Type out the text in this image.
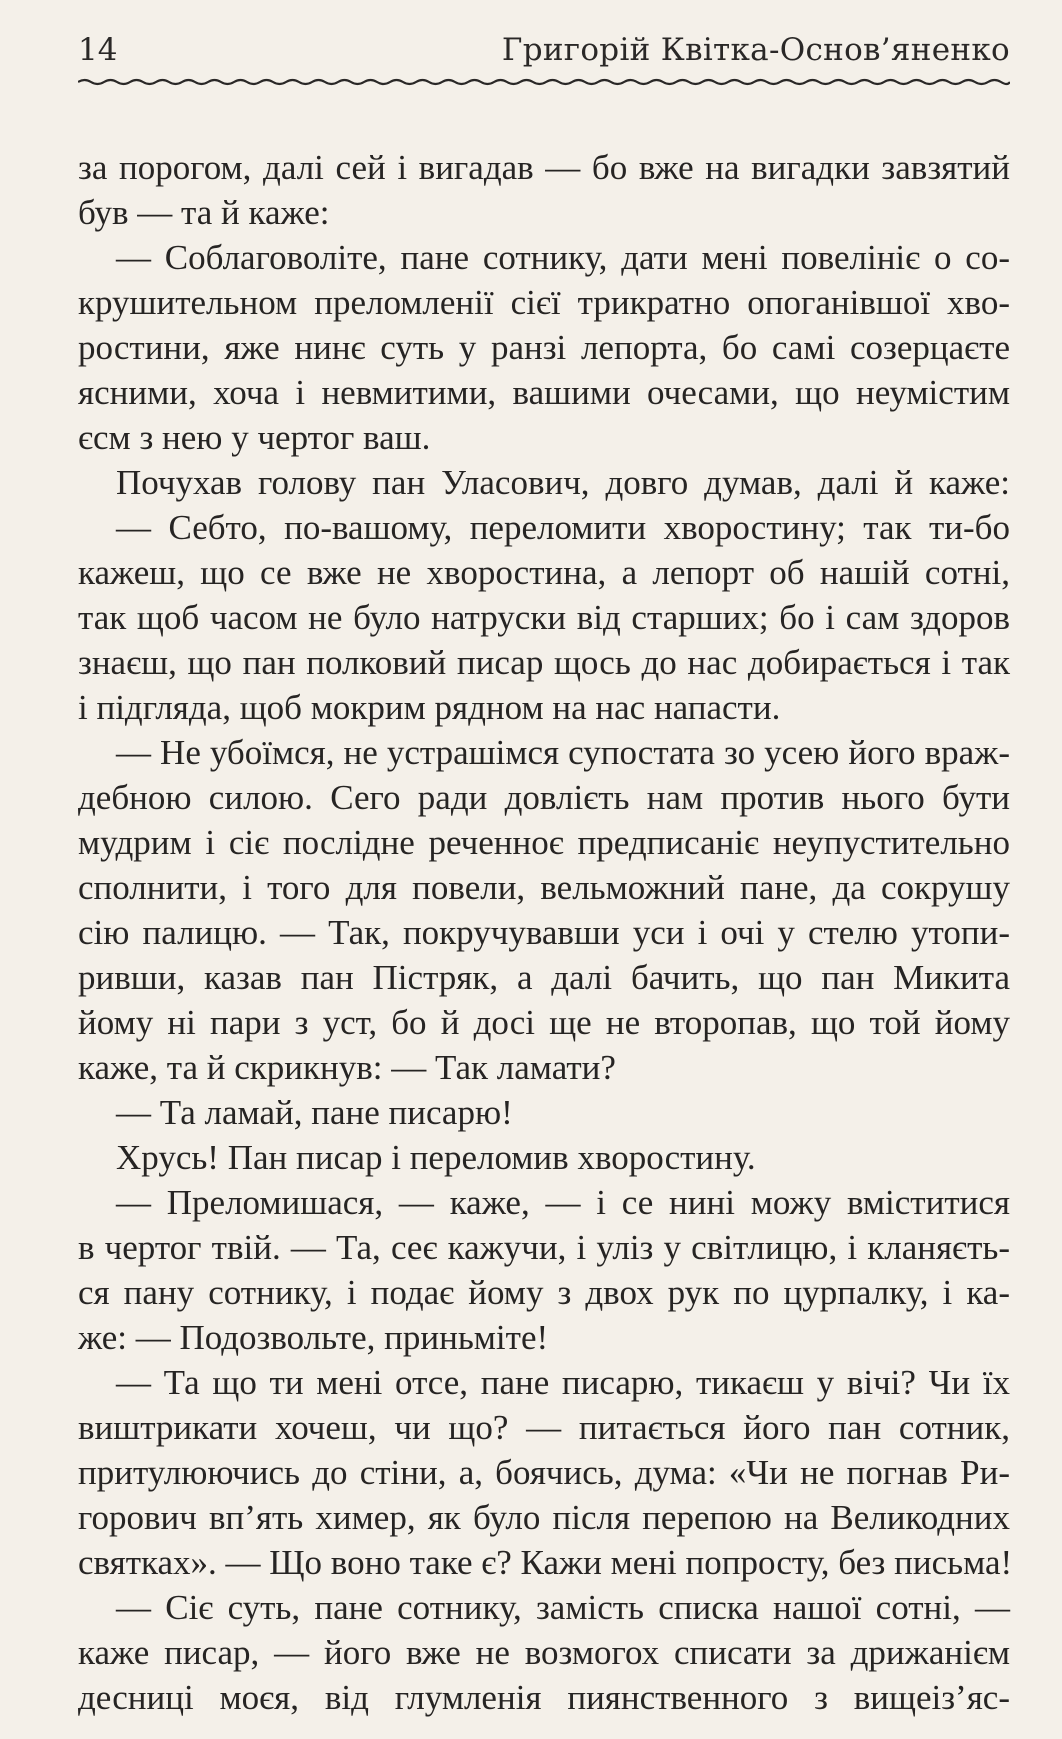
14	Григорій Квітка-Основ’яненко
за порогом, далі сей і вигадав — бо вже на вигадки завзятий
був — та й каже:
— Соблаговоліте, пане сотнику, дати мені повелініє о со-
крушительном преломленії сієї трикратно опоганівшої хво-
ростини, яже нинє суть у ранзі лепорта, бо самі созерцаєте
ясними, хоча і невмитими, вашими очесами, що неумістим
єсм з нею у чертог ваш.
Почухав голову пан Уласович, довго думав, далі й каже:
— Себто, по-вашому, переломити хворостину; так ти-бо
кажеш, що се вже не хворостина, а лепорт об нашій сотні,
так щоб часом не було натруски від старших; бо і сам здоров
знаєш, що пан полковий писар щось до нас добирається і так
і підгляда, щоб мокрим рядном на нас напасти.
— Не убоїмся, не устрашімся супостата зо усею його враж-
дебною силою. Сего ради довлієть нам против нього бути
мудрим і сіє послідне реченноє предписаніє неупустительно
сполнити, і того для повели, вельможний пане, да сокрушу
сію палицю. — Так, покручувавши уси і очі у стелю утопи-
ривши, казав пан Пістряк, а далі бачить, що пан Микита
йому ні пари з уст, бо й досі ще не второпав, що той йому
каже, та й скрикнув: — Так ламати?
— Та ламай, пане писарю!
Хрусь! Пан писар і переломив хворостину.
— Преломишася, — каже, — і се нині можу вміститися
в чертог твій. — Та, сеє кажучи, і уліз у світлицю, і кланяєть-
ся пану сотнику, і подає йому з двох рук по цурпалку, і ка-
же: — Подозвольте, приньміте!
— Та що ти мені отсе, пане писарю, тикаєш у вічі? Чи їх
виштрикати хочеш, чи що? — питається його пан сотник,
притулюючись до стіни, а, боячись, дума: «Чи не погнав Ри-
горович вп’ять химер, як було після перепою на Великодних
святках». — Що воно таке є? Кажи мені попросту, без письма!
— Сіє суть, пане сотнику, замість списка нашої сотні, —
каже писар, — його вже не возмогох списати за дрижанієм
десниці моєя, від глумленія пиянственного з вищеіз’яс-
